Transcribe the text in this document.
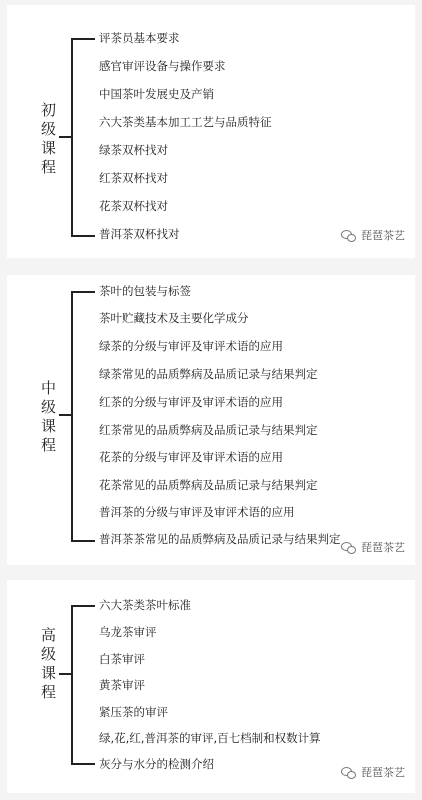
初级课程
评茶员基本要求
感官审评设备与操作要求
中国茶叶发展史及产销
六大茶类基本加工工艺与品质特征
绿茶双杯找对
红茶双杯找对
花茶双杯找对
普洱茶双杯找对	琵琶茶艺
中级课程
茶叶的包装与标签
茶叶贮藏技术及主要化学成分
绿茶的分级与审评及审评术语的应用
绿茶常见的品质弊病及品质记录与结果判定
红茶的分级与审评及审评术语的应用
红茶常见的品质弊病及品质记录与结果判定
花茶的分级与审评及审评术语的应用
花茶常见的品质弊病及品质记录与结果判定
普洱茶的分级与审评及审评术语的应用
普洱茶茶常见的品质弊病及品质记录与结果判定
琵琶茶艺
高级课程
六大茶类茶叶标准
乌龙茶审评
白茶审评
黄茶审评
紧压茶的审评
绿,花,红,普洱茶的审评,百七档制和权数计算
灰分与水分的检测介绍
琵琶茶艺
